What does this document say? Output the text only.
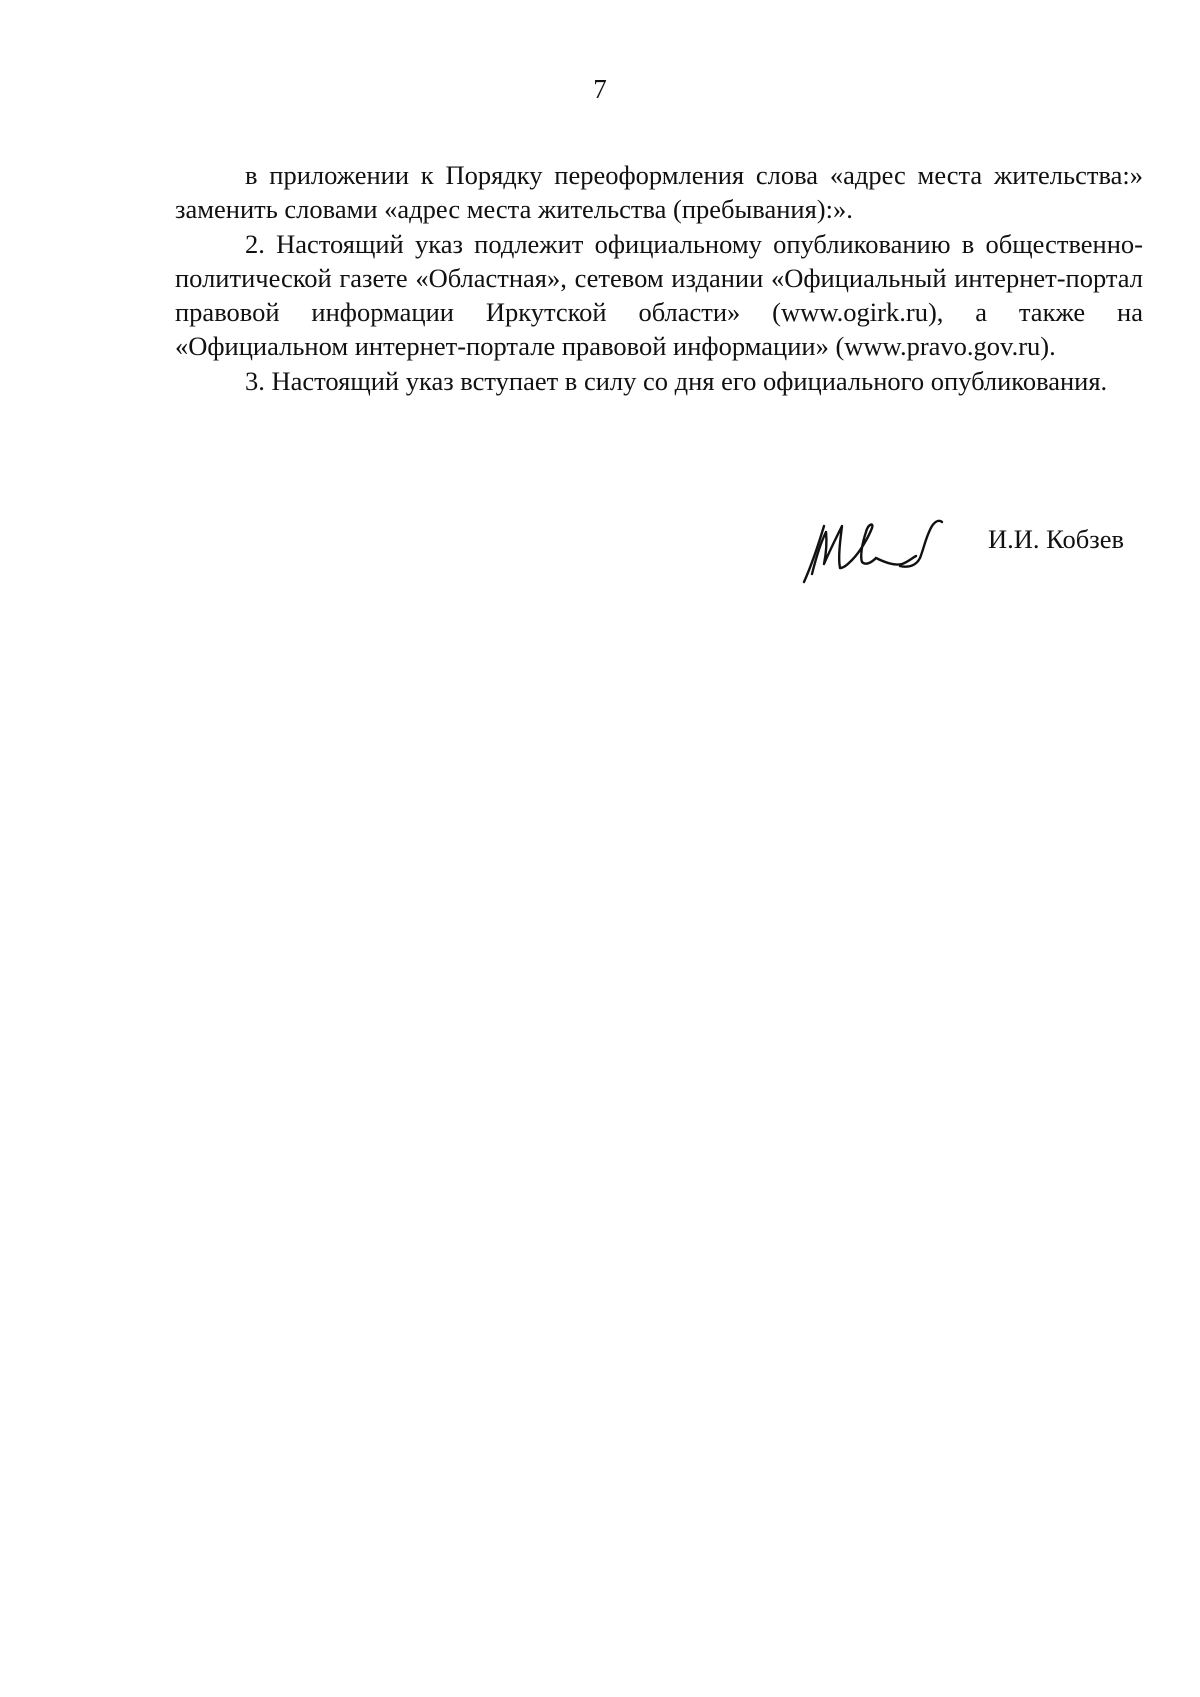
7

в приложении к Порядку переоформления слова «адрес места жительства:» заменить словами «адрес места жительства (пребывания):».

2. Настоящий указ подлежит официальному опубликованию в общественно-политической газете «Областная», сетевом издании «Официальный интернет-портал правовой информации Иркутской области» (www.ogirk.ru), а также на «Официальном интернет-портале правовой информации» (www.pravo.gov.ru).

3. Настоящий указ вступает в силу со дня его официального опубликования.

И.И. Кобзев
